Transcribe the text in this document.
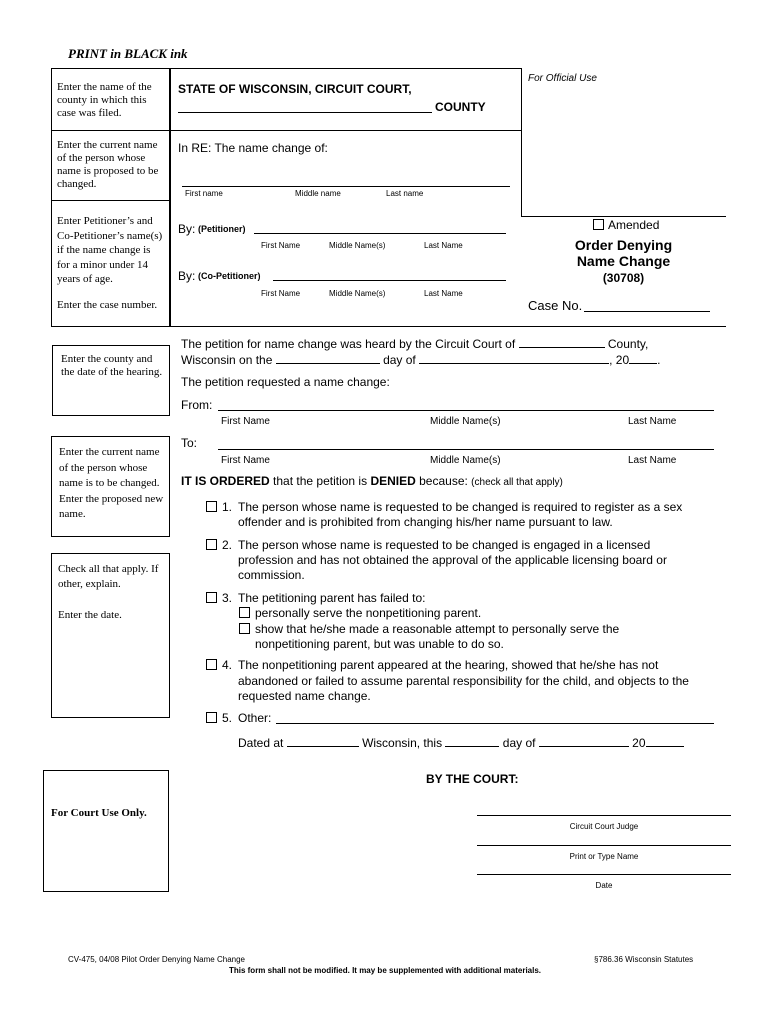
PRINT in BLACK ink
Enter the name of the county in which this case was filed.
Enter the current name of the person whose name is proposed to be changed.
Enter Petitioner’s and Co-Petitioner’s name(s) if the name change is for a minor under 14 years of age.
Enter the case number.
For Official Use
STATE OF WISCONSIN, CIRCUIT COURT,
COUNTY
In RE: The name change of:
First name	Middle name	Last name
By: (Petitioner)
First Name	Middle Name(s)	Last Name
By: (Co-Petitioner)
First Name	Middle Name(s)	Last Name
Amended
Order Denying
Name Change
(30708)
Case No.
Enter the county and the date of the hearing.
Enter the current name of the person whose name is to be changed. Enter the proposed new name.
Check all that apply. If other, explain.
Enter the date.
For Court Use Only.
The petition for name change was heard by the Circuit Court of	County,
Wisconsin on the	day of	, 20 .
The petition requested a name change:
From:
First Name	Middle Name(s)	Last Name
To:
First Name	Middle Name(s)	Last Name
IT IS ORDERED that the petition is DENIED because: (check all that apply)
1. The person whose name is requested to be changed is required to register as a sex
offender and is prohibited from changing his/her name pursuant to law.
2. The person whose name is requested to be changed is engaged in a licensed
profession and has not obtained the approval of the applicable licensing board or
commission.
3. The petitioning parent has failed to:
personally serve the nonpetitioning parent.
show that he/she made a reasonable attempt to personally serve the
nonpetitioning parent, but was unable to do so.
4. The nonpetitioning parent appeared at the hearing, showed that he/she has not
abandoned or failed to assume parental responsibility for the child, and objects to the
requested name change.
5. Other:
Dated at	Wisconsin, this	day of	20
BY THE COURT:
Circuit Court Judge
Print or Type Name
Date
CV-475, 04/08 Pilot Order Denying Name Change	§786.36 Wisconsin Statutes
This form shall not be modified. It may be supplemented with additional materials.
